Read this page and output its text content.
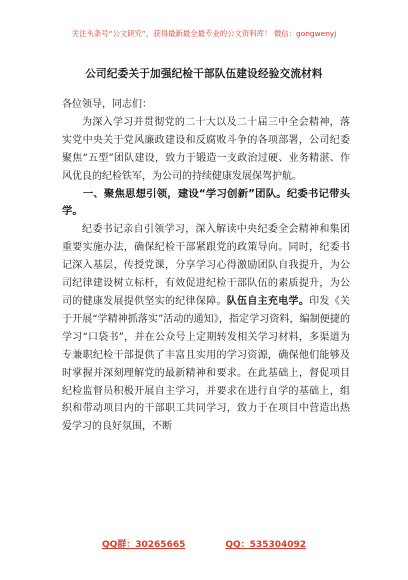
关注头条号“公文研究”，获得最新最全最专业的公文资料库！ 微信：gongwenyj
公司纪委关于加强纪检干部队伍建设经验交流材料

各位领导，同志们：

为深入学习并贯彻党的二十大以及二十届三中全会精神，落实党中央关于党风廉政建设和反腐败斗争的各项部署，公司纪委聚焦“五型”团队建设，致力于锻造一支政治过硬、业务精湛、作风优良的纪检铁军，为公司的持续健康发展保驾护航。

一、聚焦思想引领，建设“学习创新”团队。纪委书记带头学。

纪委书记亲自引领学习，深入解读中央纪委全会精神和集团重要实施办法，确保纪检干部紧跟党的政策导向。同时，纪委书记深入基层，传授党课，分享学习心得激励团队自我提升，为公司纪律建设树立标杆，有效促进纪检干部队伍的素质提升，为公司的健康发展提供坚实的纪律保障。队伍自主充电学。印发《关于开展“学精神抓落实”活动的通知》，指定学习资料，编制便捷的学习“口袋书”，并在公众号上定期转发相关学习材料，多渠道为专兼职纪检干部提供了丰富且实用的学习资源，确保他们能够及时掌握并深刻理解党的最新精神和要求。在此基础上，督促项目纪检监督员积极开展自主学习，并要求在进行自学的基础上，组织和带动项目内的干部职工共同学习，致力于在项目中营造出热爱学习的良好氛围，不断

QQ群：30265665	QQ：535304092
